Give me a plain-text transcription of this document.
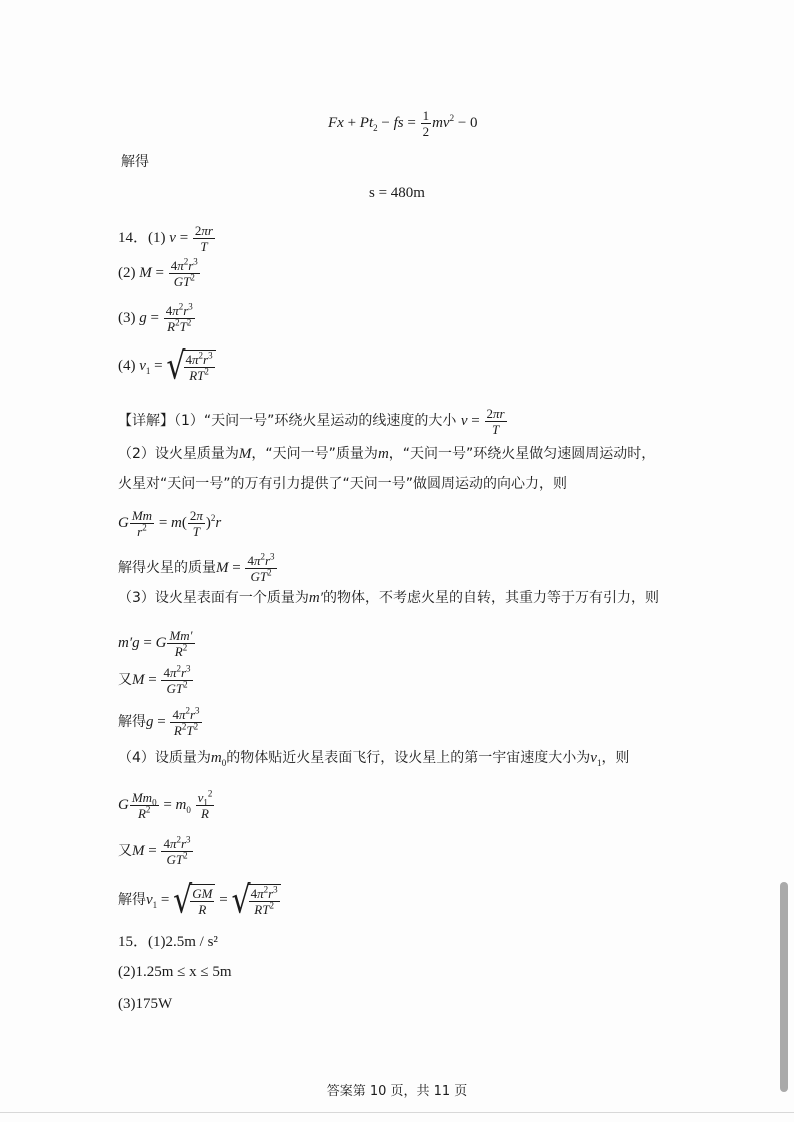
$Fx + Pt_2$ − fs = $\frac{1}{2} mv^2 - 0$
解得
s = 480m
14．(1) $v = \frac{2\pi r}{T}$
(2) $M = \frac{4\pi^2r^3}{GT^2}$
(3) $g = \frac{4\pi^2r^3}{R^2T^2}$
(4) $v_1$ = √
$\frac{4\pi^2r^3}{RT^2}$
【详解】（1）“天问一号”环绕火星运动的线速度的大小 $v = \frac{2\pi r}{T}$
（2）设火星质量为M，“天问一号”质量为m，“天问一号”环绕火星做匀速圆周运动时，
火星对“天问一号”的万有引力提供了“天问一号”做圆周运动的向心力，则
G $\frac{Mm}{r^2} = m( \frac{2\pi}{T} )^2r$
解得火星的质量$M = \frac{4\pi^2r^3}{GT^2}$
（3）设火星表面有一个质量为m′的物体，不考虑火星的自转，其重力等于万有引力，则
m′g = G $\frac{Mm'}{R^2}$
又$M = \frac{4\pi^2r^3}{GT^2}$
解得$g = \frac{4\pi^2r^3}{R^2T^2}$
（4）设质量为$m_0$的物体贴近火星表面飞行，设火星上的第一宇宙速度大小为$v_1$，则
G $\frac{Mm_0}{R^2} = m_0 \frac{v_1^2}{R}$
又$M = \frac{4\pi^2r^3}{GT^2}$
解得$v_1$ = √
$\frac{GM}{R}$ = √
$\frac{4\pi^2r^3}{RT^2}$
15．(1)2.5m / s²
(2)1.25m ≤ x ≤ 5m
(3)175W
答案第 10 页，共 11 页
